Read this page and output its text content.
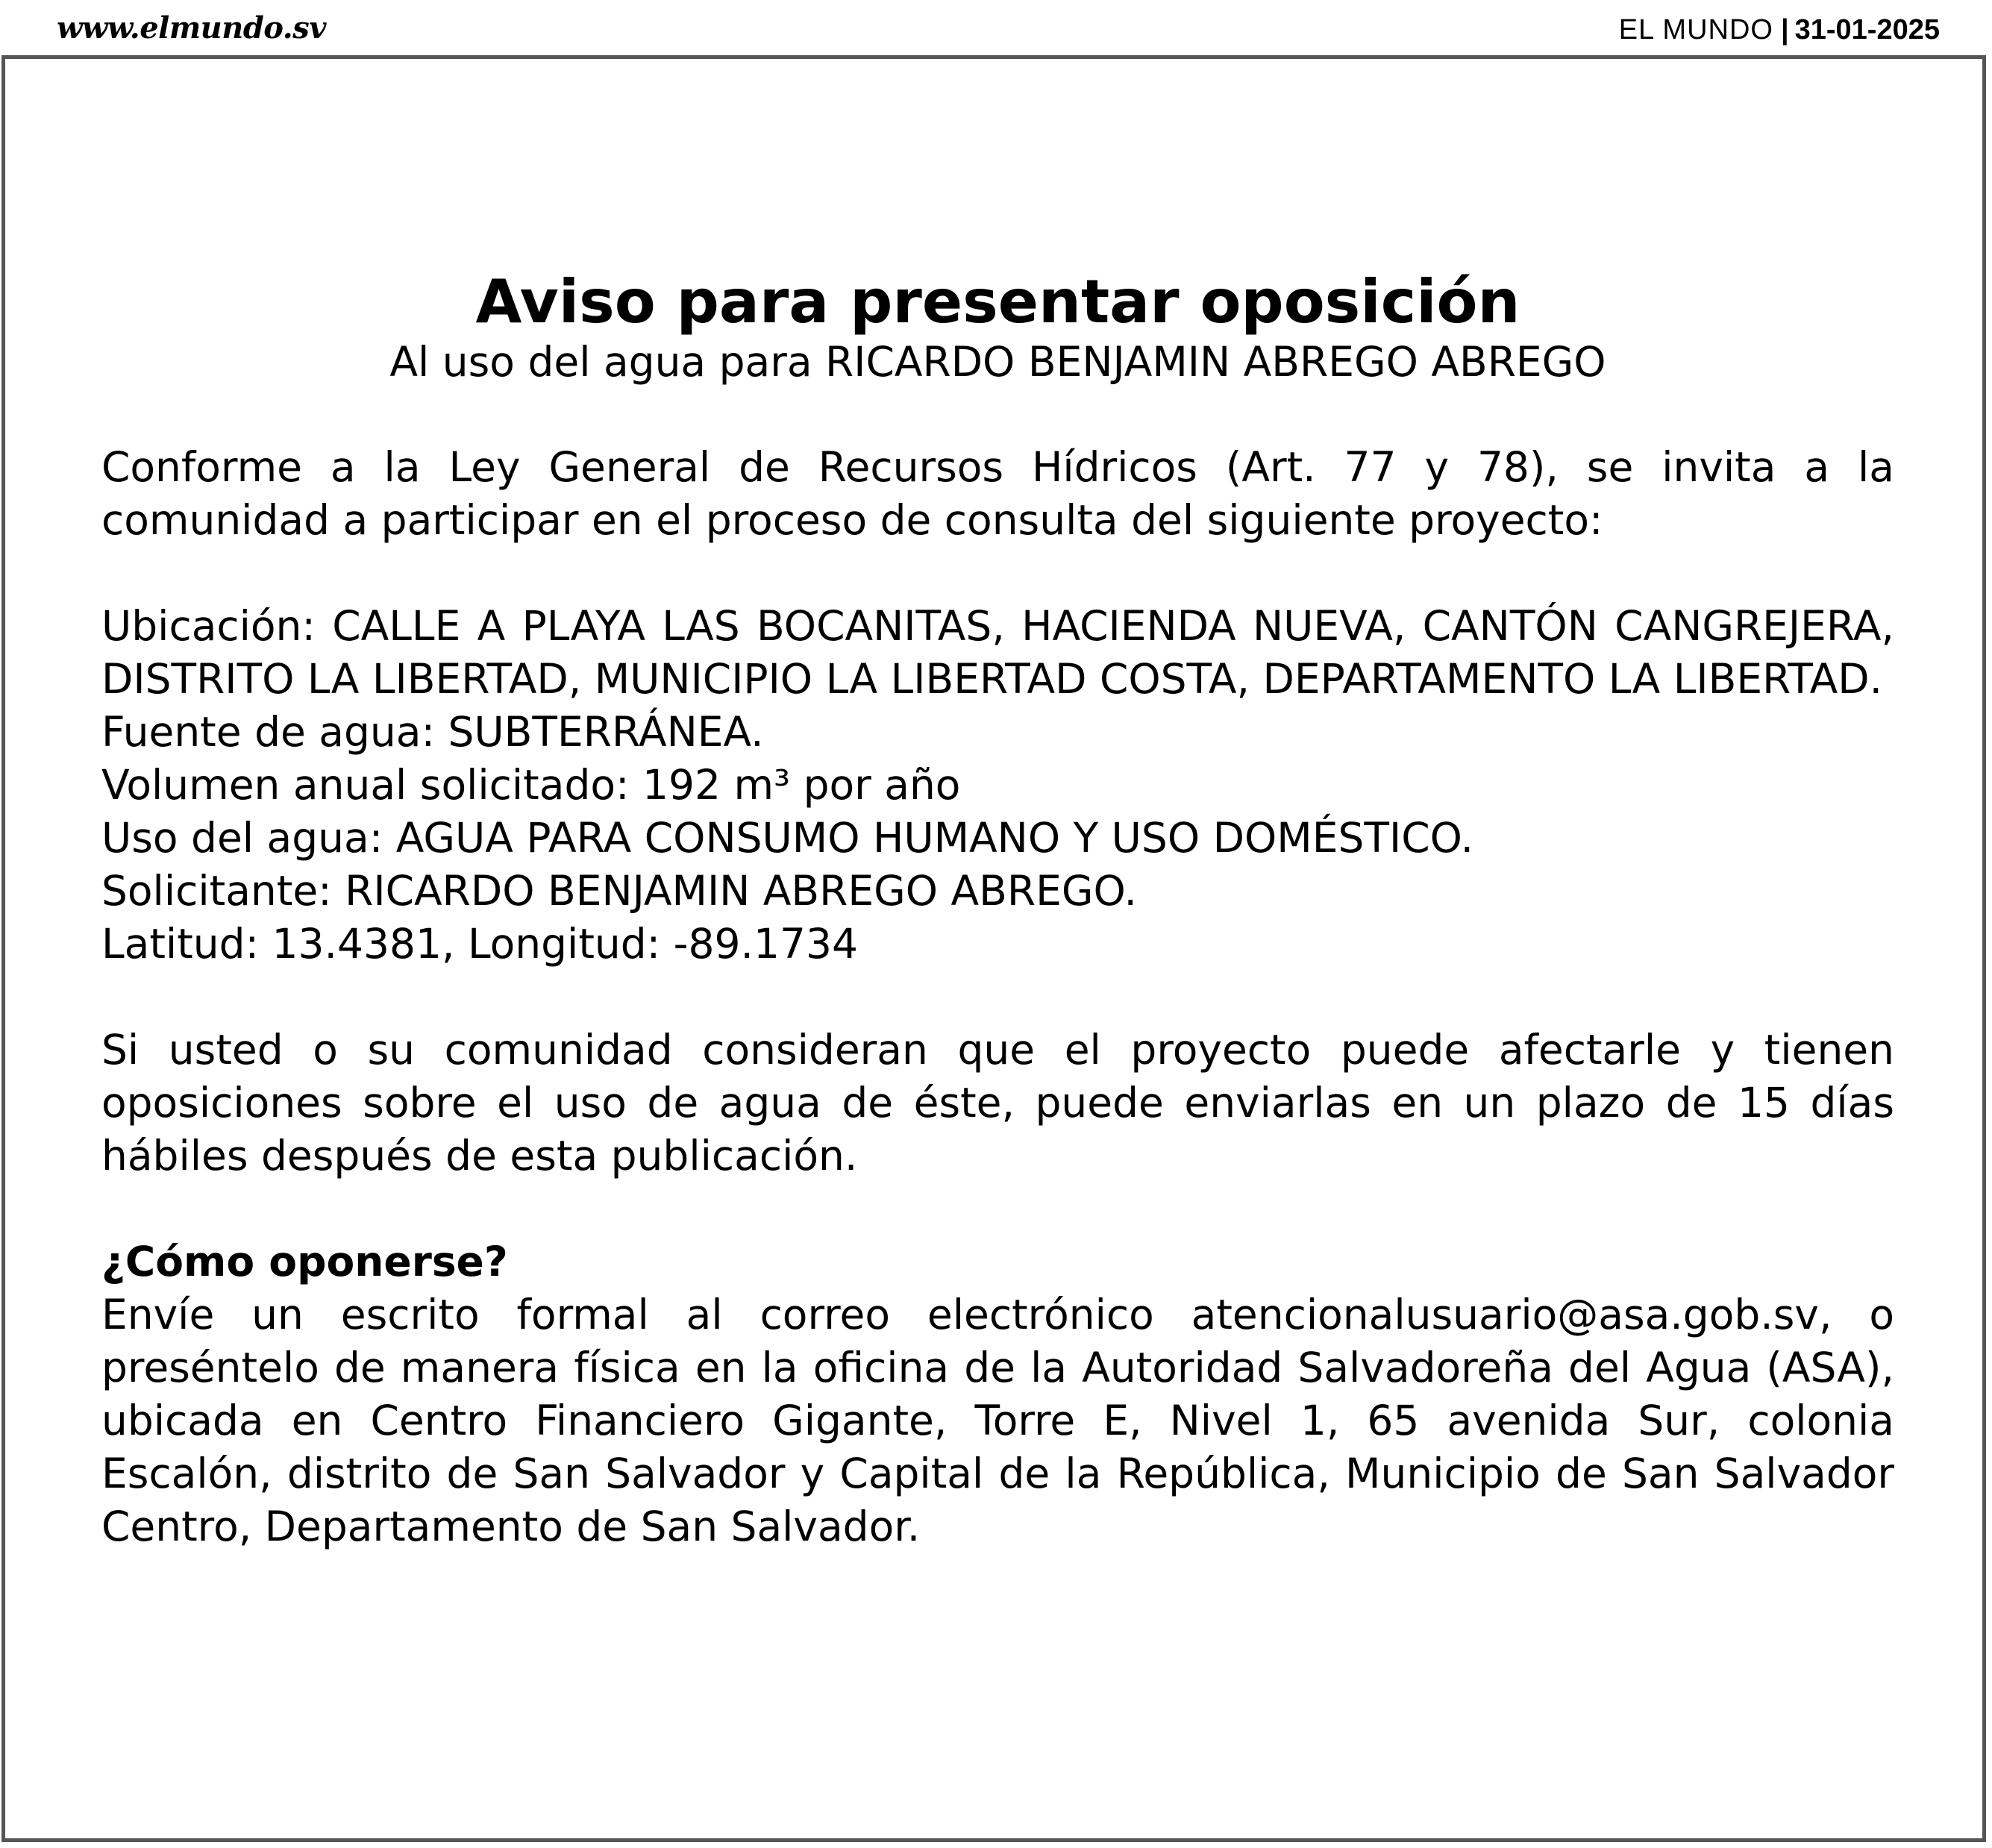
www.elmundo.sv	EL MUNDO | 31-01-2025

Aviso para presentar oposición

Al uso del agua para RICARDO BENJAMIN ABREGO ABREGO

Conforme a la Ley General de Recursos Hídricos (Art. 77 y 78), se invita a la comunidad a participar en el proceso de consulta del siguiente proyecto:

Ubicación: CALLE A PLAYA LAS BOCANITAS, HACIENDA NUEVA, CANTÓN CANGREJERA, DISTRITO LA LIBERTAD, MUNICIPIO LA LIBERTAD COSTA, DEPARTAMENTO LA LIBERTAD.

Fuente de agua: SUBTERRÁNEA.

Volumen anual solicitado: 192 m³ por año

Uso del agua: AGUA PARA CONSUMO HUMANO Y USO DOMÉSTICO.

Solicitante: RICARDO BENJAMIN ABREGO ABREGO.

Latitud: 13.4381, Longitud: -89.1734

Si usted o su comunidad consideran que el proyecto puede afectarle y tienen oposiciones sobre el uso de agua de éste, puede enviarlas en un plazo de 15 días hábiles después de esta publicación.

¿Cómo oponerse?

Envíe un escrito formal al correo electrónico atencionalusuario@asa.gob.sv, o preséntelo de manera física en la oficina de la Autoridad Salvadoreña del Agua (ASA), ubicada en Centro Financiero Gigante, Torre E, Nivel 1, 65 avenida Sur, colonia Escalón, distrito de San Salvador y Capital de la República, Municipio de San Salvador Centro, Departamento de San Salvador.
